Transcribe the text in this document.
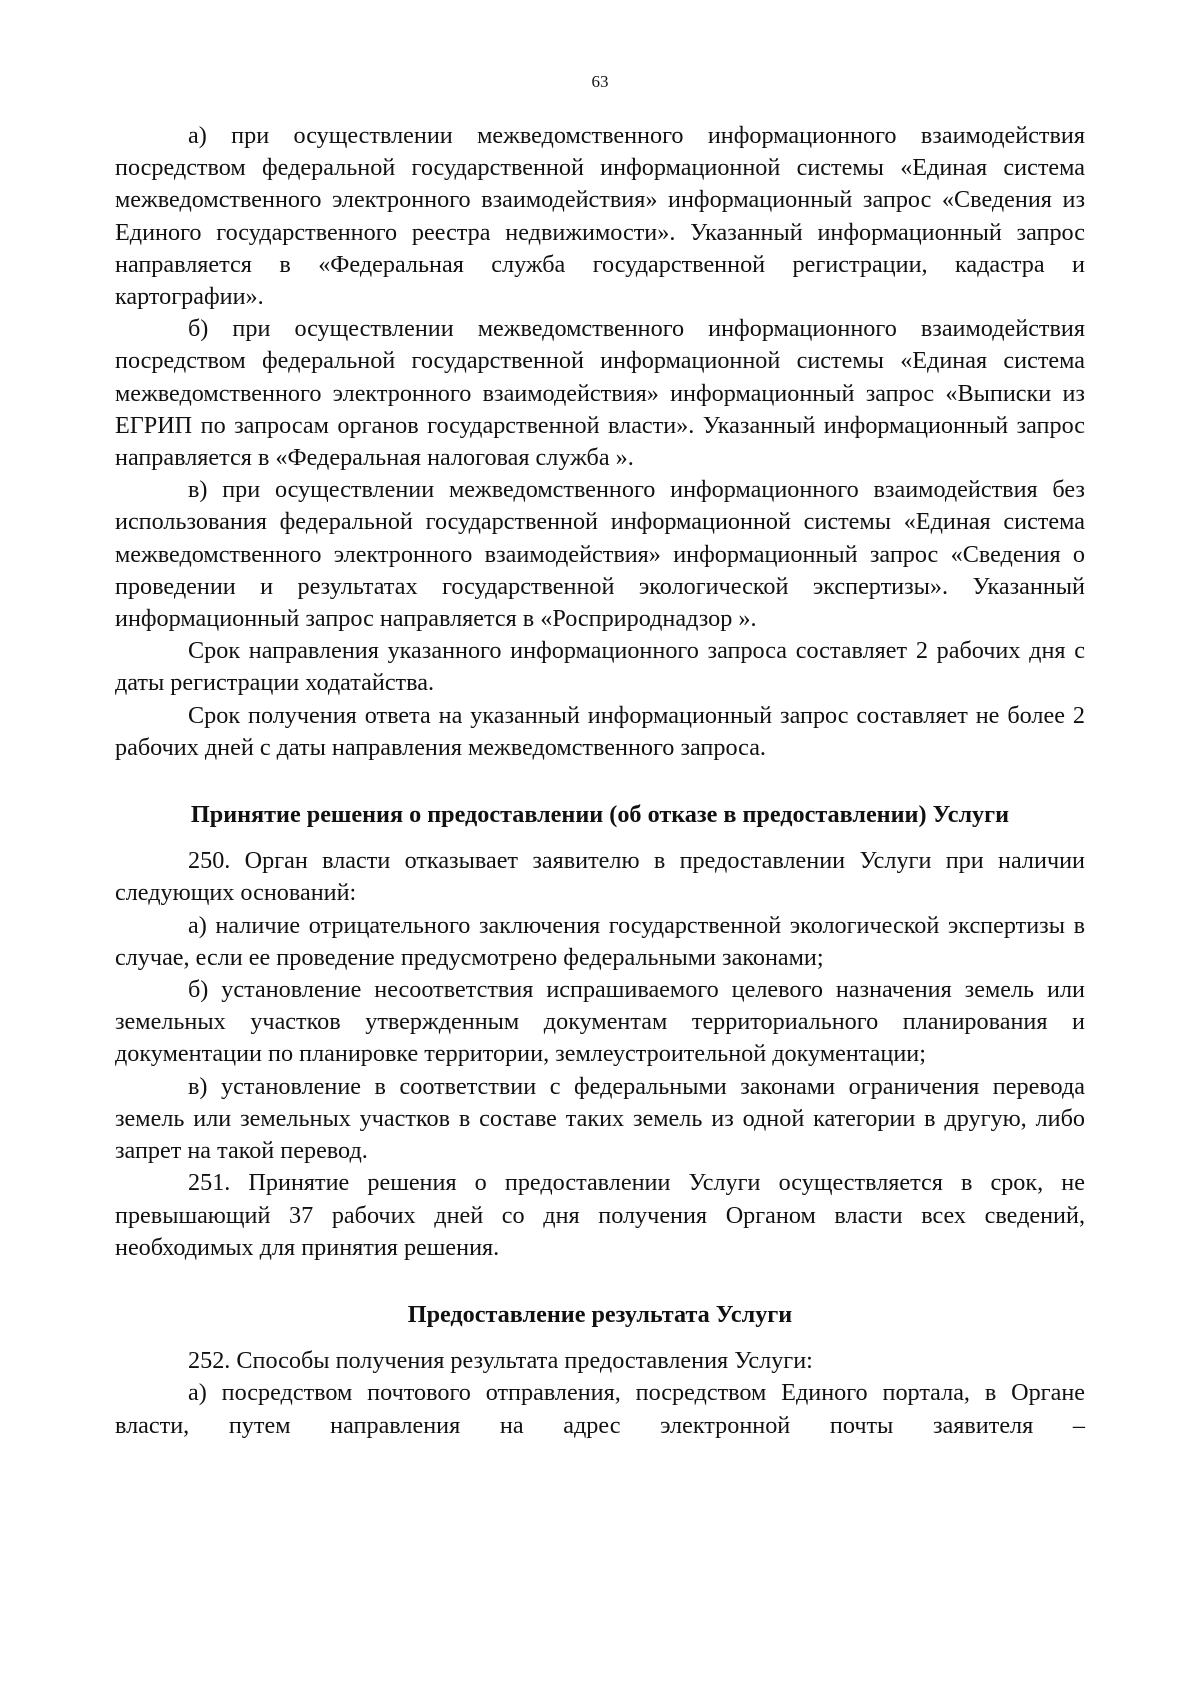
63

а) при осуществлении межведомственного информационного взаимодействия посредством федеральной государственной информационной системы «Единая система межведомственного электронного взаимодействия» информационный запрос «Сведения из Единого государственного реестра недвижимости». Указанный информационный запрос направляется в «Федеральная служба государственной регистрации, кадастра и картографии».

б) при осуществлении межведомственного информационного взаимодействия посредством федеральной государственной информационной системы «Единая система межведомственного электронного взаимодействия» информационный запрос «Выписки из ЕГРИП по запросам органов государственной власти». Указанный информационный запрос направляется в «Федеральная налоговая служба ».

в) при осуществлении межведомственного информационного взаимодействия без использования федеральной государственной информационной системы «Единая система межведомственного электронного взаимодействия» информационный запрос «Сведения о проведении и результатах государственной экологической экспертизы». Указанный информационный запрос направляется в «Росприроднадзор ».

Срок направления указанного информационного запроса составляет 2 рабочих дня с даты регистрации ходатайства.

Срок получения ответа на указанный информационный запрос составляет не более 2 рабочих дней с даты направления межведомственного запроса.

Принятие решения о предоставлении (об отказе в предоставлении) Услуги

250. Орган власти отказывает заявителю в предоставлении Услуги при наличии следующих оснований:

а) наличие отрицательного заключения государственной экологической экспертизы в случае, если ее проведение предусмотрено федеральными законами;

б) установление несоответствия испрашиваемого целевого назначения земель или земельных участков утвержденным документам территориального планирования и документации по планировке территории, землеустроительной документации;

в) установление в соответствии с федеральными законами ограничения перевода земель или земельных участков в составе таких земель из одной категории в другую, либо запрет на такой перевод.

251. Принятие решения о предоставлении Услуги осуществляется в срок, не превышающий 37 рабочих дней со дня получения Органом власти всех сведений, необходимых для принятия решения.

Предоставление результата Услуги

252. Способы получения результата предоставления Услуги:

а) посредством почтового отправления, посредством Единого портала, в Органе власти, путем направления на адрес электронной почты заявителя –
